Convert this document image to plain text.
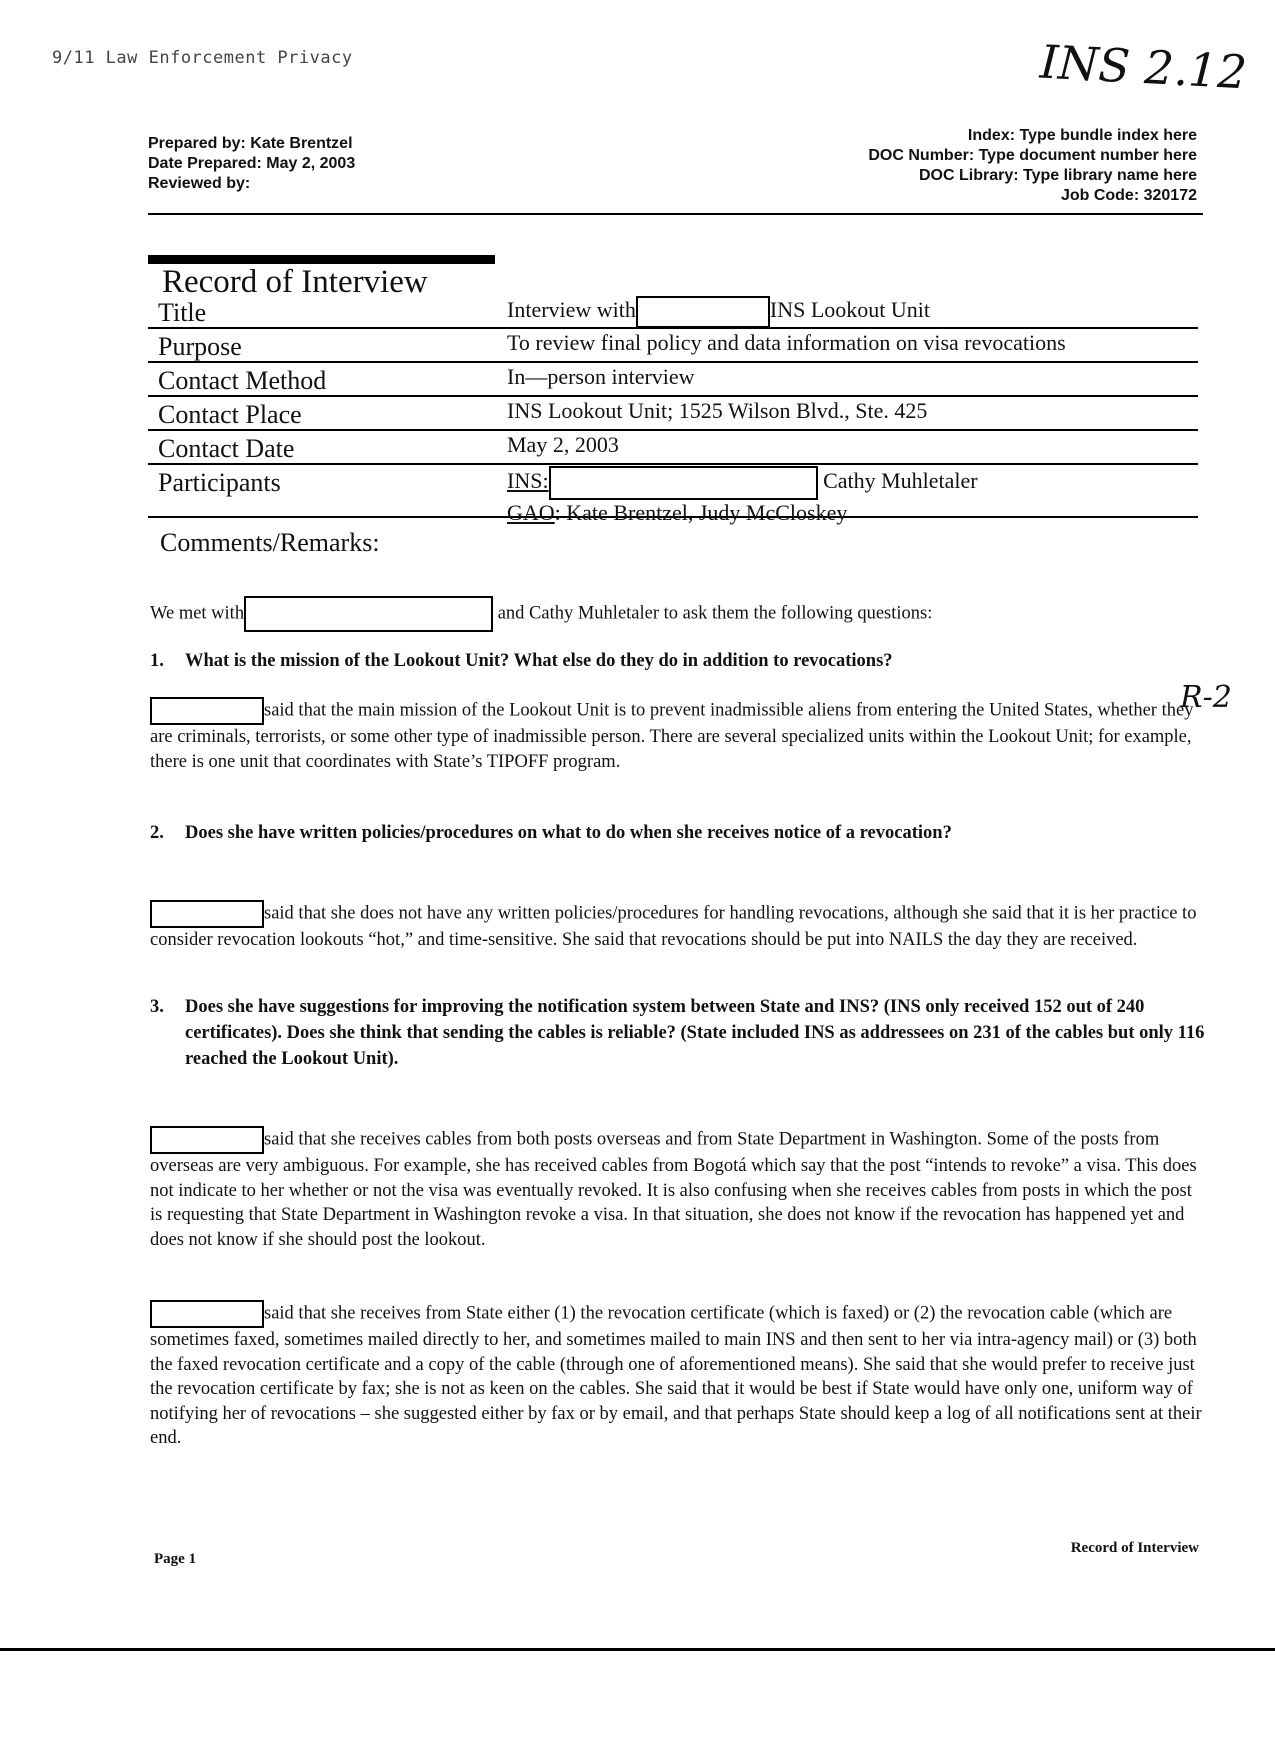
9/11 Law Enforcement Privacy	INS 2.12
R-2
Prepared by: Kate Brentzel
Date Prepared: May 2, 2003
Reviewed by:
Index: Type bundle index here
DOC Number: Type document number here
DOC Library: Type library name here
Job Code: 320172
Record of Interview
Title	Interview with	INS Lookout Unit
Purpose	To review final policy and data information on visa revocations
Contact Method	In—person interview
Contact Place	INS Lookout Unit; 1525 Wilson Blvd., Ste. 425
Contact Date	May 2, 2003
Participants	INS:	Cathy Muhletaler
GAO: Kate Brentzel, Judy McCloskey
Comments/Remarks:
We met with	and Cathy Muhletaler to ask them the following questions:
1.	What is the mission of the Lookout Unit? What else do they do in addition to revocations?
said that the main mission of the Lookout Unit is to prevent inadmissible aliens from entering the United States, whether they are criminals, terrorists, or some other type of inadmissible person. There are several specialized units within the Lookout Unit; for example, there is one unit that coordinates with State’s TIPOFF program.
2.	Does she have written policies/procedures on what to do when she receives notice of a revocation?
said that she does not have any written policies/procedures for handling revocations, although she said that it is her practice to consider revocation lookouts “hot,” and time-sensitive. She said that revocations should be put into NAILS the day they are received.
3.	Does she have suggestions for improving the notification system between State and INS? (INS only received 152 out of 240 certificates). Does she think that sending the cables is reliable? (State included INS as addressees on 231 of the cables but only 116 reached the Lookout Unit).
said that she receives cables from both posts overseas and from State Department in Washington. Some of the posts from overseas are very ambiguous. For example, she has received cables from Bogotá which say that the post “intends to revoke” a visa. This does not indicate to her whether or not the visa was eventually revoked. It is also confusing when she receives cables from posts in which the post is requesting that State Department in Washington revoke a visa. In that situation, she does not know if the revocation has happened yet and does not know if she should post the lookout.
said that she receives from State either (1) the revocation certificate (which is faxed) or (2) the revocation cable (which are sometimes faxed, sometimes mailed directly to her, and sometimes mailed to main INS and then sent to her via intra-agency mail) or (3) both the faxed revocation certificate and a copy of the cable (through one of aforementioned means). She said that she would prefer to receive just the revocation certificate by fax; she is not as keen on the cables. She said that it would be best if State would have only one, uniform way of notifying her of revocations – she suggested either by fax or by email, and that perhaps State should keep a log of all notifications sent at their end.
Page 1
Record of Interview
